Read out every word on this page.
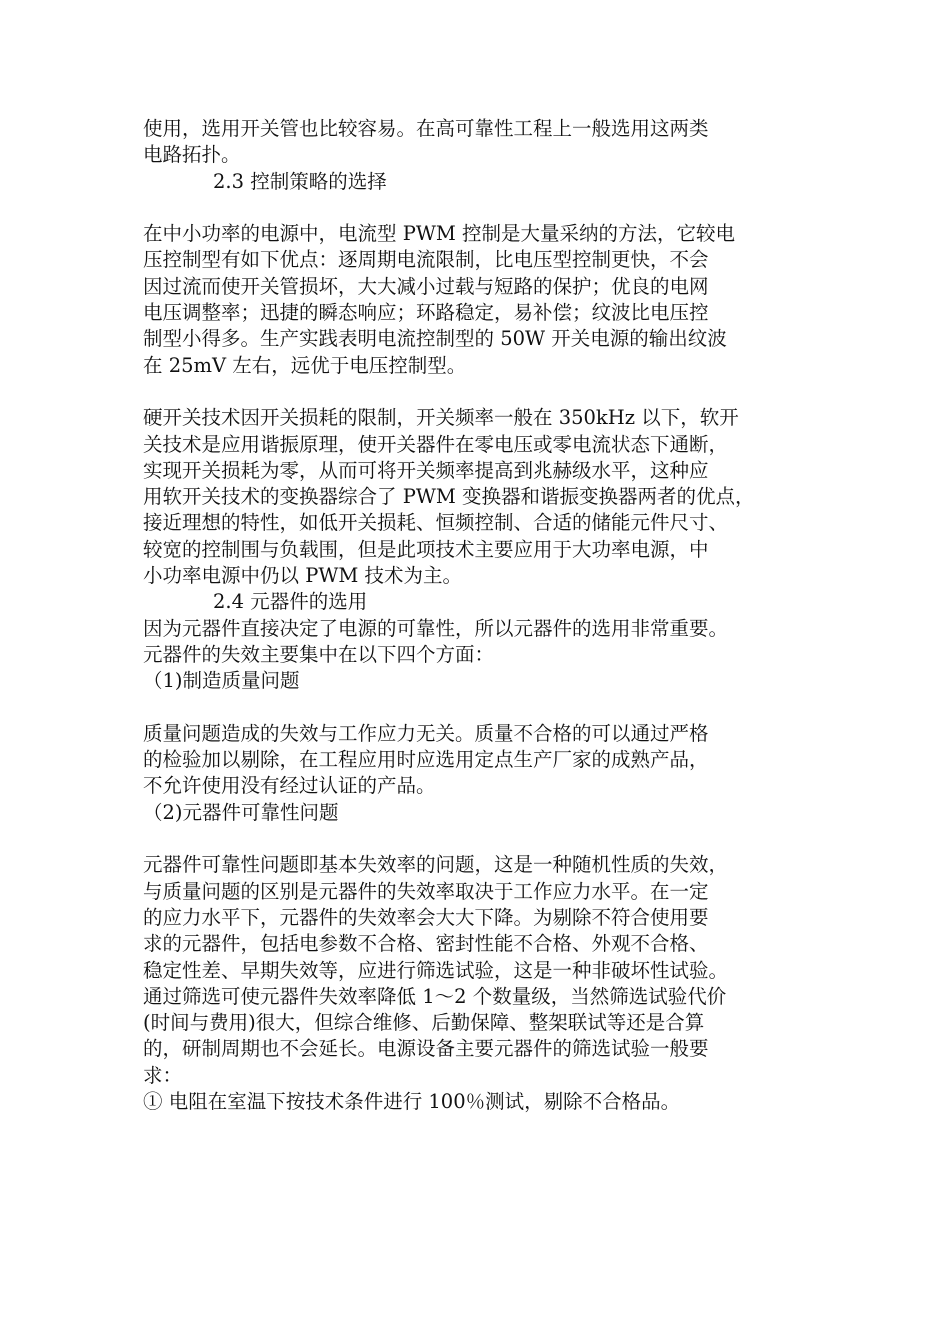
使用，选用开关管也比较容易。在高可靠性工程上一般选用这两类
电路拓扑。
2.3 控制策略的选择
在中小功率的电源中，电流型 PWM 控制是大量采纳的方法，它较电
压控制型有如下优点：逐周期电流限制，比电压型控制更快，不会
因过流而使开关管损坏，大大减小过载与短路的保护；优良的电网
电压调整率；迅捷的瞬态响应；环路稳定，易补偿；纹波比电压控
制型小得多。生产实践表明电流控制型的 50W 开关电源的输出纹波
在 25mV 左右，远优于电压控制型。
硬开关技术因开关损耗的限制，开关频率一般在 350kHz 以下，软开
关技术是应用谐振原理，使开关器件在零电压或零电流状态下通断，
实现开关损耗为零，从而可将开关频率提高到兆赫级水平，这种应
用软开关技术的变换器综合了 PWM 变换器和谐振变换器两者的优点，
接近理想的特性，如低开关损耗、恒频控制、合适的储能元件尺寸、
较宽的控制围与负载围，但是此项技术主要应用于大功率电源，中
小功率电源中仍以 PWM 技术为主。
2.4 元器件的选用
因为元器件直接决定了电源的可靠性，所以元器件的选用非常重要。
元器件的失效主要集中在以下四个方面：
（1)制造质量问题
质量问题造成的失效与工作应力无关。质量不合格的可以通过严格
的检验加以剔除，在工程应用时应选用定点生产厂家的成熟产品，
不允许使用没有经过认证的产品。
（2)元器件可靠性问题
元器件可靠性问题即基本失效率的问题，这是一种随机性质的失效，
与质量问题的区别是元器件的失效率取决于工作应力水平。在一定
的应力水平下，元器件的失效率会大大下降。为剔除不符合使用要
求的元器件，包括电参数不合格、密封性能不合格、外观不合格、
稳定性差、早期失效等，应进行筛选试验，这是一种非破坏性试验。
通过筛选可使元器件失效率降低 1～2 个数量级，当然筛选试验代价
(时间与费用)很大，但综合维修、后勤保障、整架联试等还是合算
的，研制周期也不会延长。电源设备主要元器件的筛选试验一般要
求：
① 电阻在室温下按技术条件进行 100％测试，剔除不合格品。
